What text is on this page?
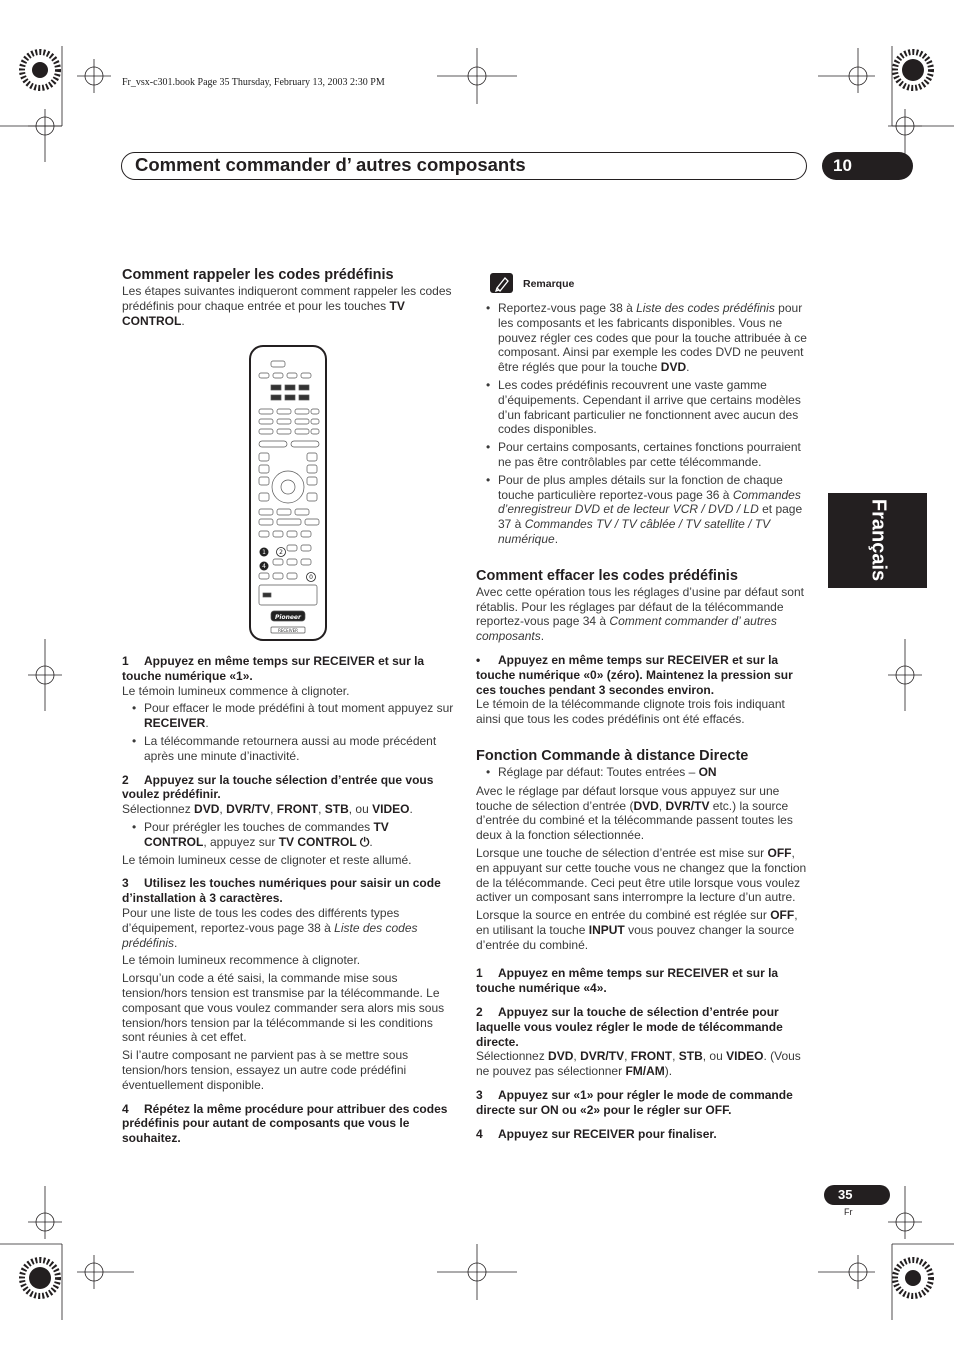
Fr_vsx-c301.book Page 35 Thursday, February 13, 2003 2:30 PM
Comment commander d’ autres composants	10
Français
Comment rappeler les codes prédéfinis

Les étapes suivantes indiqueront comment rappeler les codes prédéfinis pour chaque entrée et pour les touches TV CONTROL.

1 2
4
0
Pioneer
RECEIVER

1 Appuyez en même temps sur RECEIVER et sur la touche numérique «1».

Le témoin lumineux commence à clignoter.

• Pour effacer le mode prédéfini à tout moment appuyez sur RECEIVER.
• La télécommande retournera aussi au mode précédent après une minute d’inactivité.

2 Appuyez sur la touche sélection d’entrée que vous voulez prédéfinir.

Sélectionnez DVD, DVR/TV, FRONT, STB, ou VIDEO.

• Pour prérégler les touches de commandes TV CONTROL, appuyez sur TV CONTROL ⏻.

Le témoin lumineux cesse de clignoter et reste allumé.

3 Utilisez les touches numériques pour saisir un code d’installation à 3 caractères.

Pour une liste de tous les codes des différents types d’équipement, reportez-vous page 38 à Liste des codes prédéfinis.

Le témoin lumineux recommence à clignoter.

Lorsqu’un code a été saisi, la commande mise sous tension/hors tension est transmise par la télécommande. Le composant que vous voulez commander sera alors mis sous tension/hors tension par la télécommande si les conditions sont réunies à cet effet.

Si l’autre composant ne parvient pas à se mettre sous tension/hors tension, essayez un autre code prédéfini éventuellement disponible.

4 Répétez la même procédure pour attribuer des codes prédéfinis pour autant de composants que vous le souhaitez.

Remarque
• Reportez-vous page 38 à Liste des codes prédéfinis pour les composants et les fabricants disponibles. Vous ne pouvez régler ces codes que pour la touche attribuée à ce composant. Ainsi par exemple les codes DVD ne peuvent être réglés que pour la touche DVD.
• Les codes prédéfinis recouvrent une vaste gamme d’équipements. Cependant il arrive que certains modèles d’un fabricant particulier ne fonctionnent avec aucun des codes disponibles.
• Pour certains composants, certaines fonctions pourraient ne pas être contrôlables par cette télécommande.
• Pour de plus amples détails sur la fonction de chaque touche particulière reportez-vous page 36 à Commandes d’enregistreur DVD et de lecteur VCR / DVD / LD et page 37 à Commandes TV / TV câblée / TV satellite / TV numérique.
Comment effacer les codes prédéfinis

Avec cette opération tous les réglages d’usine par défaut sont rétablis. Pour les réglages par défaut de la télécommande reportez-vous page 34 à Comment commander d’ autres composants.

• Appuyez en même temps sur RECEIVER et sur la touche numérique «0» (zéro). Maintenez la pression sur ces touches pendant 3 secondes environ.

Le témoin de la télécommande clignote trois fois indiquant ainsi que tous les codes prédéfinis ont été effacés.

Fonction Commande à distance Directe
• Réglage par défaut: Toutes entrées – ON

Avec le réglage par défaut lorsque vous appuyez sur une touche de sélection d’entrée (DVD, DVR/TV etc.) la source d’entrée du combiné et la télécommande passent toutes les deux à la fonction sélectionnée.

Lorsque une touche de sélection d’entrée est mise sur OFF, en appuyant sur cette touche vous ne changez que la fonction de la télécommande. Ceci peut être utile lorsque vous voulez activer un composant sans interrompre la lecture d’un autre.

Lorsque la source en entrée du combiné est réglée sur OFF, en utilisant la touche INPUT vous pouvez changer la source d’entrée du combiné.

1 Appuyez en même temps sur RECEIVER et sur la touche numérique «4».

2 Appuyez sur la touche de sélection d’entrée pour laquelle vous voulez régler le mode de télécommande directe.

Sélectionnez DVD, DVR/TV, FRONT, STB, ou VIDEO. (Vous ne pouvez pas sélectionner FM/AM).

3 Appuyez sur «1» pour régler le mode de commande directe sur ON ou «2» pour le régler sur OFF.

4 Appuyez sur RECEIVER pour finaliser.

35
Fr
